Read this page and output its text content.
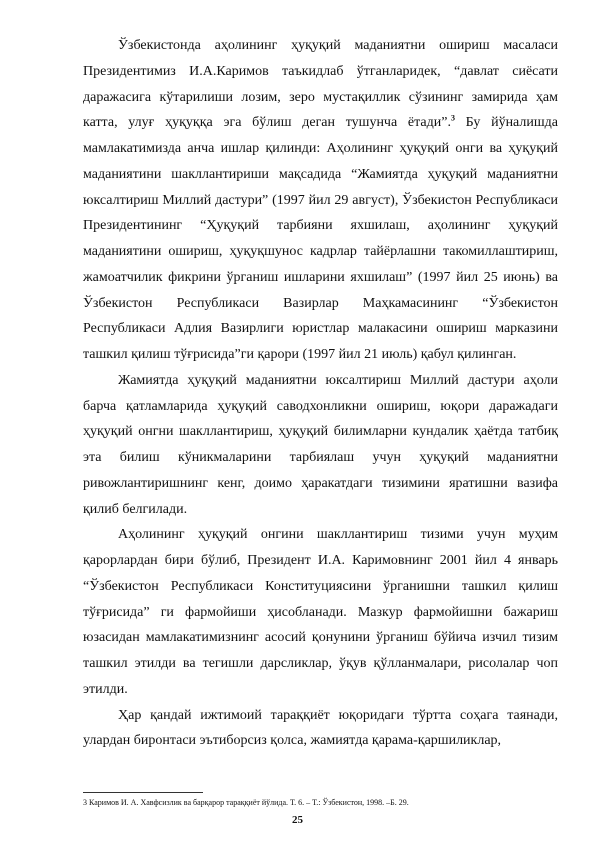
Ўзбекистонда аҳолининг ҳуқуқий маданиятни ошириш масаласи Президентимиз И.А.Каримов таъкидлаб ўтганларидек, “давлат сиёсати даражасига кўтарилиши лозим, зеро мустақиллик сўзининг замирида ҳам катта, улуғ ҳуқуққа эга бўлиш деган тушунча ётади”.$^3$ Бу йўналишда мамлакатимизда анча ишлар қилинди: Аҳолининг ҳуқуқий онги ва ҳуқуқий маданиятини шакллантириши мақсадида “Жамиятда ҳуқуқий маданиятни юксалтириш Миллий дастури” (1997 йил 29 август), Ўзбекистон Республикаси Президентининг “Ҳуқуқий тарбияни яхшилаш, аҳолининг ҳуқуқий маданиятини ошириш, ҳуқуқшунос кадрлар тайёрлашни такомиллаштириш, жамоатчилик фикрини ўрганиш ишларини яхшилаш” (1997 йил 25 июнь) ва Ўзбекистон Республикаси Вазирлар Маҳкамасининг “Ўзбекистон Республикаси Адлия Вазирлиги юристлар малакасини ошириш марказини ташкил қилиш тўғрисида”ги қарори (1997 йил 21 июль) қабул қилинган.

Жамиятда ҳуқуқий маданиятни юксалтириш Миллий дастури аҳоли барча қатламларида ҳуқуқий саводхонликни ошириш, юқори даражадаги ҳуқуқий онгни шакллантириш, ҳуқуқий билимларни кундалик ҳаётда татбиқ эта билиш кўникмаларини тарбиялаш учун ҳуқуқий маданиятни ривожлантиришнинг кенг, доимо ҳаракатдаги тизимини яратишни вазифа қилиб белгилади.

Аҳолининг ҳуқуқий онгини шакллантириш тизими учун муҳим қарорлардан бири бўлиб, Президент И.А. Каримовнинг 2001 йил 4 январь “Ўзбекистон Республикаси Конституциясини ўрганишни ташкил қилиш тўғрисида” ги фармойиши ҳисобланади. Мазкур фармойишни бажариш юзасидан мамлакатимизнинг асосий қонунини ўрганиш бўйича изчил тизим ташкил этилди ва тегишли дарсликлар, ўқув қўлланмалари, рисолалар чоп этилди.

Ҳар қандай ижтимоий тараққиёт юқоридаги тўртта соҳага таянади, улардан биронтаси эътиборсиз қолса, жамиятда қарама-қаршиликлар,

3 Каримов И. А. Хавфсизлик ва барқарор тараққиёт йўлида. Т. 6. – Т.: Ўзбекистон, 1998. –Б. 29.
25
